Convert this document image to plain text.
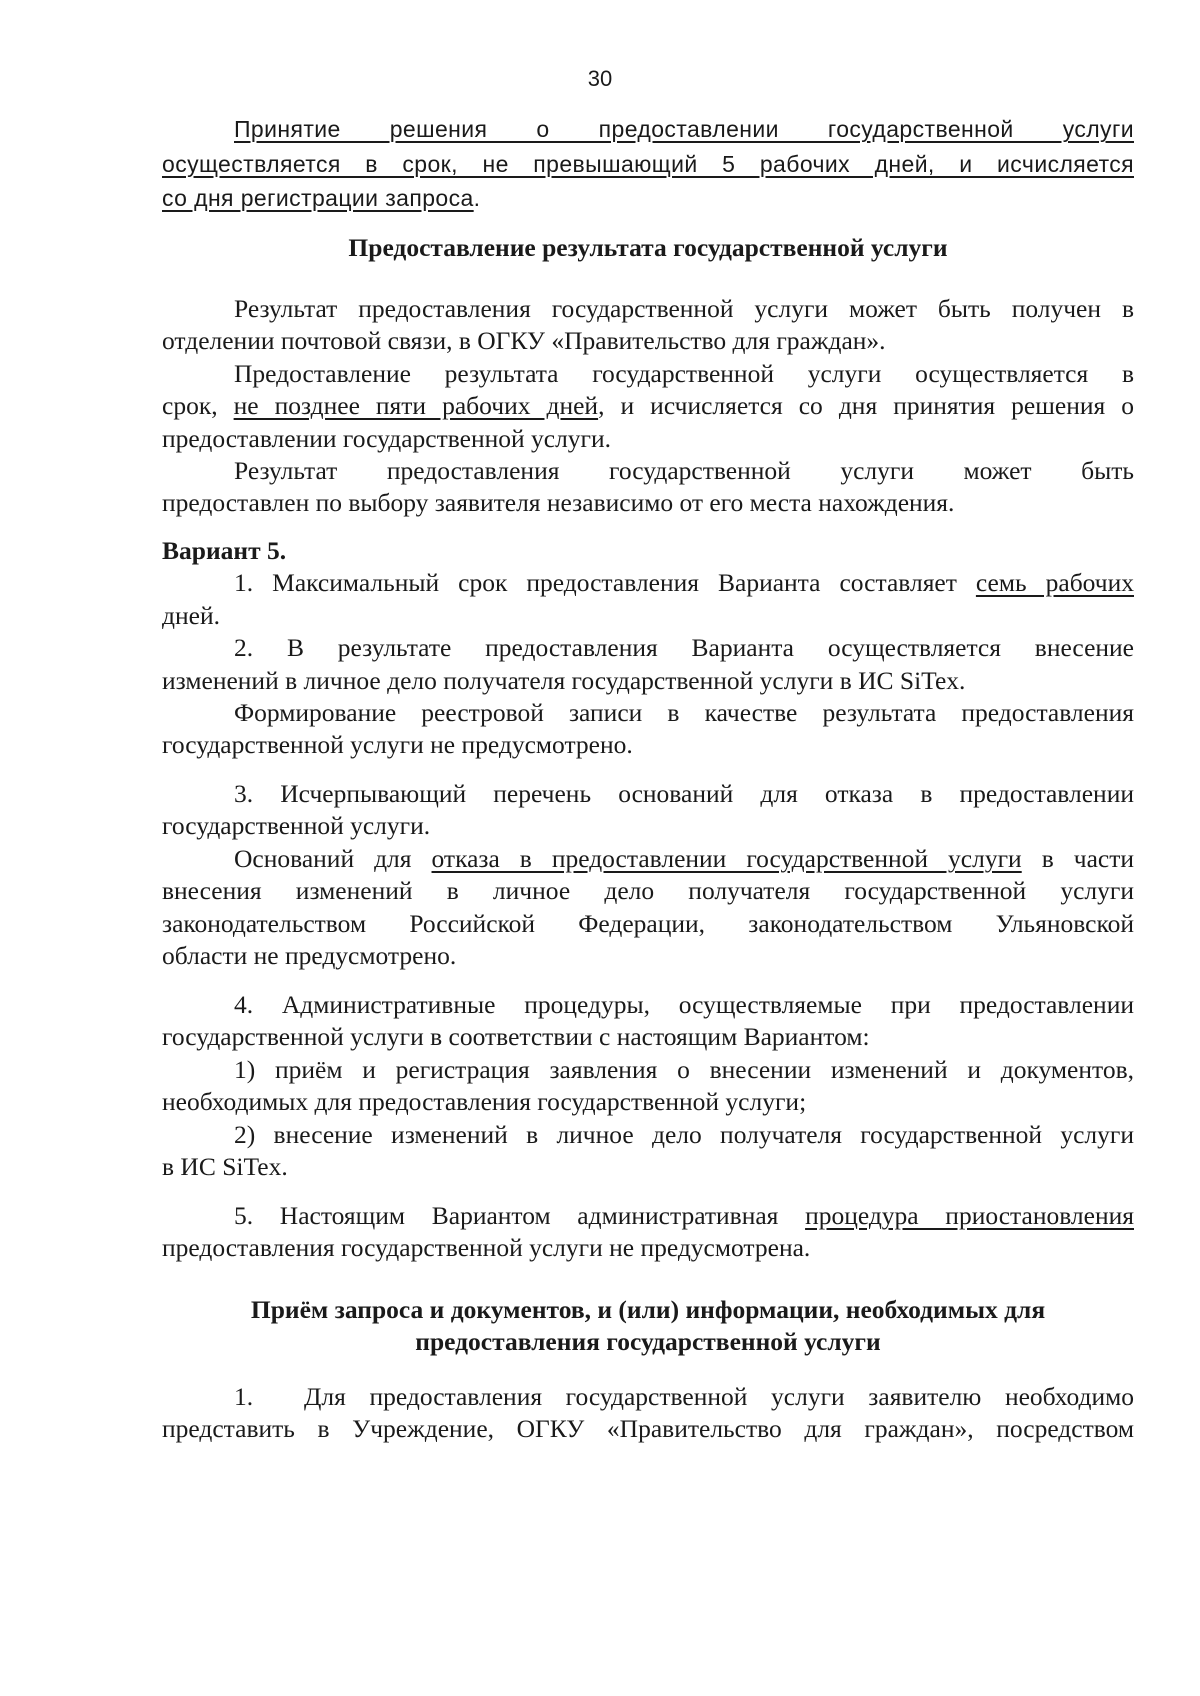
30
Принятие решения о предоставлении государственной услуги
осуществляется в срок, не превышающий 5 рабочих дней, и исчисляется
со дня регистрации запроса.
Предоставление результата государственной услуги
Результат предоставления государственной услуги может быть получен в
отделении почтовой связи, в ОГКУ «Правительство для граждан».
Предоставление результата государственной услуги осуществляется в
срок, не позднее пяти рабочих дней, и исчисляется со дня принятия решения о
предоставлении государственной услуги.
Результат предоставления государственной услуги может быть
предоставлен по выбору заявителя независимо от его места нахождения.
Вариант 5.
1. Максимальный срок предоставления Варианта составляет семь рабочих
дней.
2. В результате предоставления Варианта осуществляется внесение
изменений в личное дело получателя государственной услуги в ИС SiTex.
Формирование реестровой записи в качестве результата предоставления
государственной услуги не предусмотрено.
3. Исчерпывающий перечень оснований для отказа в предоставлении
государственной услуги.
Оснований для отказа в предоставлении государственной услуги в части
внесения изменений в личное дело получателя государственной услуги
законодательством Российской Федерации, законодательством Ульяновской
области не предусмотрено.
4. Административные процедуры, осуществляемые при предоставлении
государственной услуги в соответствии с настоящим Вариантом:
1) приём и регистрация заявления о внесении изменений и документов,
необходимых для предоставления государственной услуги;
2) внесение изменений в личное дело получателя государственной услуги
в ИС SiTex.
5. Настоящим Вариантом административная процедура приостановления
предоставления государственной услуги не предусмотрена.
Приём запроса и документов, и (или) информации, необходимых для
предоставления государственной услуги
1. Для предоставления государственной услуги заявителю необходимо
представить в Учреждение, ОГКУ «Правительство для граждан», посредством
